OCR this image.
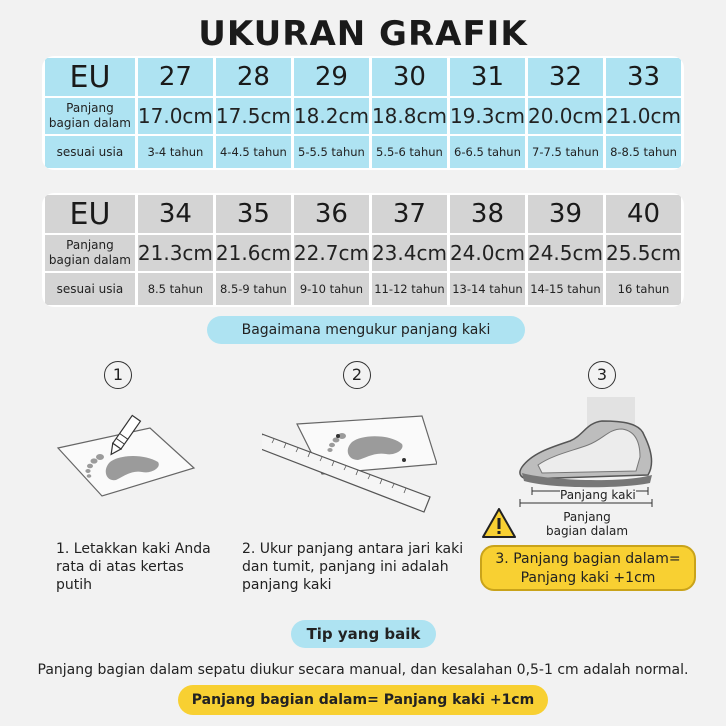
UKURAN GRAFIK
EU	27	28	29	30	31	32	33
Panjang bagian dalam	17.0cm	17.5cm	18.2cm	18.8cm	19.3cm	20.0cm	21.0cm
sesuai usia	3-4 tahun	4-4.5 tahun	5-5.5 tahun	5.5-6 tahun	6-6.5 tahun	7-7.5 tahun	8-8.5 tahun
EU	34	35	36	37	38	39	40
Panjang bagian dalam	21.3cm	21.6cm	22.7cm	23.4cm	24.0cm	24.5cm	25.5cm
sesuai usia	8.5 tahun	8.5-9 tahun	9-10 tahun	11-12 tahun	13-14 tahun	14-15 tahun	16 tahun
Bagaimana mengukur panjang kaki
1	2	3
Panjang kaki
Panjang bagian dalam
1. Letakkan kaki Anda rata di atas kertas putih
2. Ukur panjang antara jari kaki dan tumit, panjang ini adalah panjang kaki
3. Panjang bagian dalam= Panjang kaki +1cm
Tip yang baik
Panjang bagian dalam sepatu diukur secara manual, dan kesalahan 0,5-1 cm adalah normal.
Panjang bagian dalam= Panjang kaki +1cm
